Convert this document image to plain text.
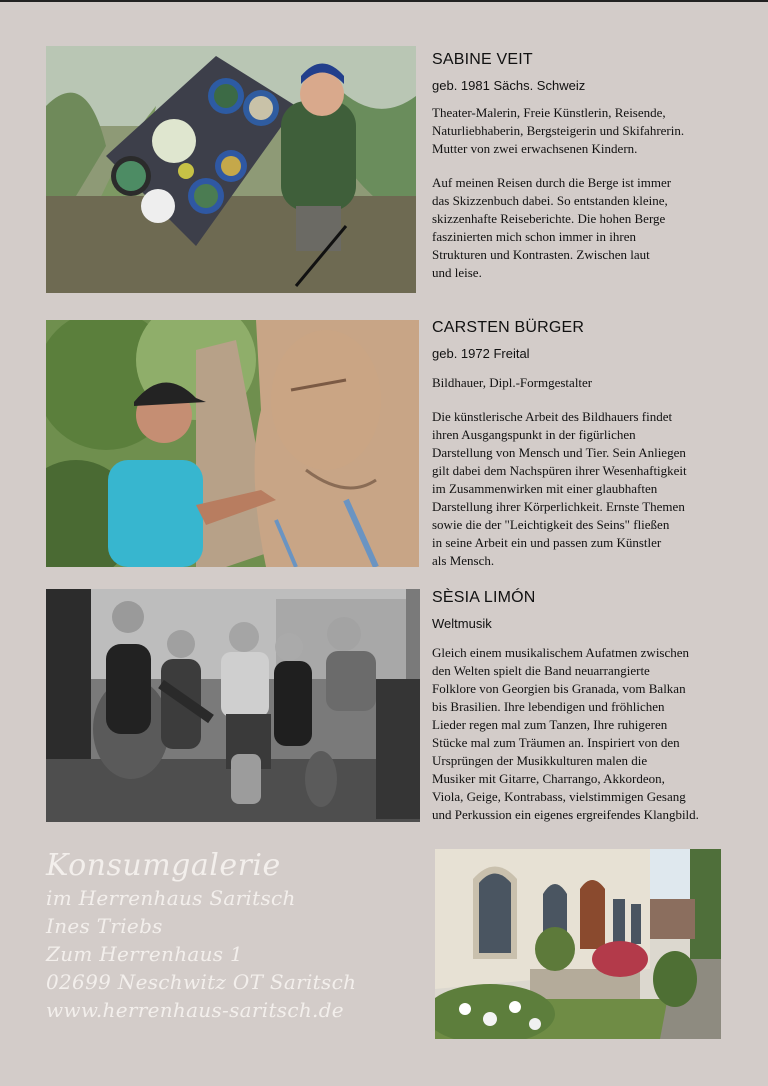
SABINE VEIT
geb. 1981 Sächs. Schweiz
Theater-Malerin, Freie Künstlerin, Reisende,
Naturliebhaberin, Bergsteigerin und Skifahrerin.
Mutter von zwei erwachsenen Kindern.
Auf meinen Reisen durch die Berge ist immer
das Skizzenbuch dabei. So entstanden kleine,
skizzenhafte Reiseberichte. Die hohen Berge
faszinierten mich schon immer in ihren
Strukturen und Kontrasten. Zwischen laut
und leise.
CARSTEN BÜRGER
geb. 1972 Freital
Bildhauer, Dipl.-Formgestalter
Die künstlerische Arbeit des Bildhauers findet
ihren Ausgangspunkt in der figürlichen
Darstellung von Mensch und Tier. Sein Anliegen
gilt dabei dem Nachspüren ihrer Wesenhaftigkeit
im Zusammenwirken mit einer glaubhaften
Darstellung ihrer Körperlichkeit. Ernste Themen
sowie die der "Leichtigkeit des Seins" fließen
in seine Arbeit ein und passen zum Künstler
als Mensch.
SÈSIA LIMÓN
Weltmusik
Gleich einem musikalischem Aufatmen zwischen
den Welten spielt die Band neuarrangierte
Folklore von Georgien bis Granada, vom Balkan
bis Brasilien. Ihre lebendigen und fröhlichen
Lieder regen mal zum Tanzen, Ihre ruhigeren
Stücke mal zum Träumen an. Inspiriert von den
Ursprüngen der Musikkulturen malen die
Musiker mit Gitarre, Charrango, Akkordeon,
Viola, Geige, Kontrabass, vielstimmigen Gesang
und Perkussion ein eigenes ergreifendes Klangbild.
Konsumgalerie
im Herrenhaus Saritsch
Ines Triebs
Zum Herrenhaus 1
02699 Neschwitz OT Saritsch
www.herrenhaus-saritsch.de
